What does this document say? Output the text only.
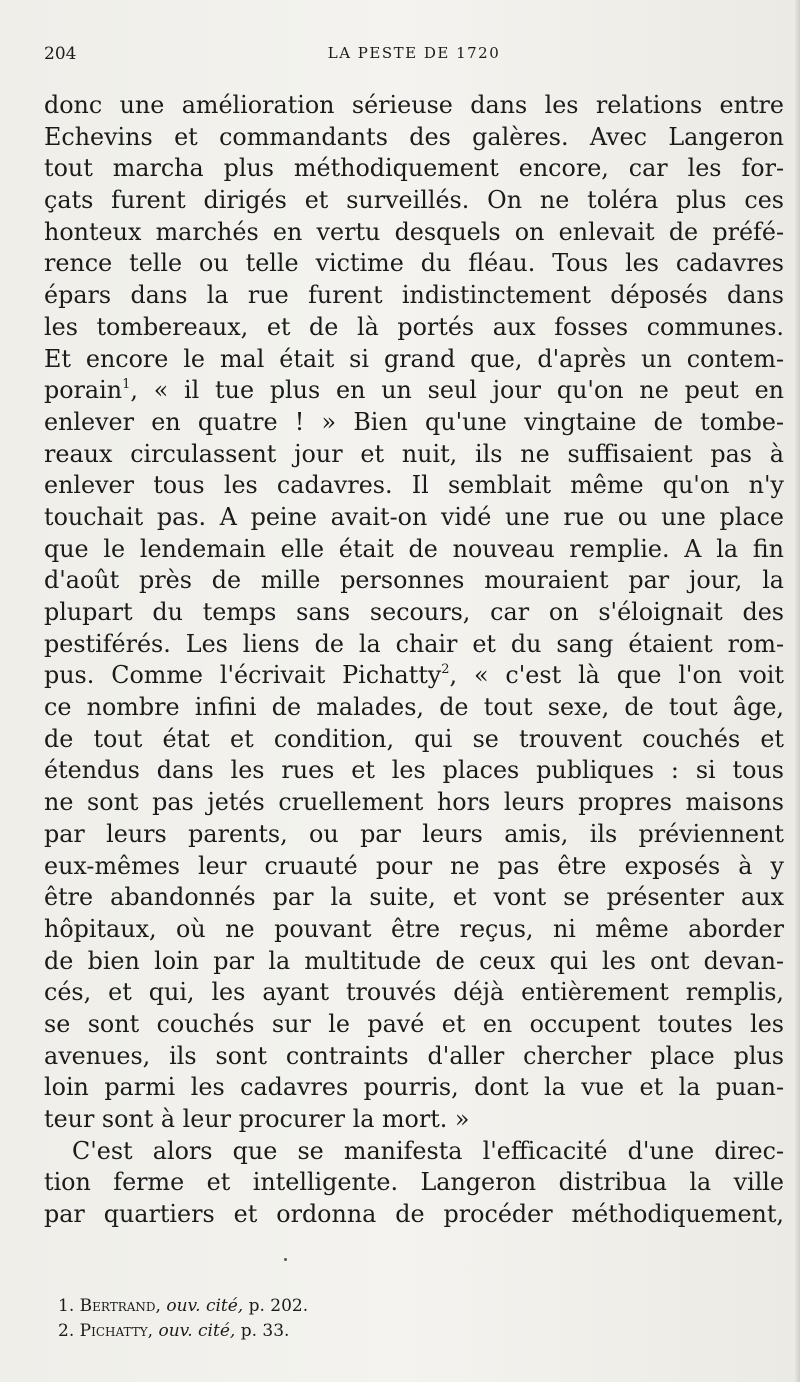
204	LA PESTE DE 1720
donc une amélioration sérieuse dans les relations entre
Echevins et commandants des galères. Avec Langeron
tout marcha plus méthodiquement encore, car les for-
çats furent dirigés et surveillés. On ne toléra plus ces
honteux marchés en vertu desquels on enlevait de préfé-
rence telle ou telle victime du fléau. Tous les cadavres
épars dans la rue furent indistinctement déposés dans
les tombereaux, et de là portés aux fosses communes.
Et encore le mal était si grand que, d'après un contem-
porain$^1$, « il tue plus en un seul jour qu'on ne peut en
enlever en quatre ! » Bien qu'une vingtaine de tombe-
reaux circulassent jour et nuit, ils ne suffisaient pas à
enlever tous les cadavres. Il semblait même qu'on n'y
touchait pas. A peine avait-on vidé une rue ou une place
que le lendemain elle était de nouveau remplie. A la fin
d'août près de mille personnes mouraient par jour, la
plupart du temps sans secours, car on s'éloignait des
pestiférés. Les liens de la chair et du sang étaient rom-
pus. Comme l'écrivait Pichatty$^2$, « c'est là que l'on voit
ce nombre infini de malades, de tout sexe, de tout âge,
de tout état et condition, qui se trouvent couchés et
étendus dans les rues et les places publiques : si tous
ne sont pas jetés cruellement hors leurs propres maisons
par leurs parents, ou par leurs amis, ils préviennent
eux-mêmes leur cruauté pour ne pas être exposés à y
être abandonnés par la suite, et vont se présenter aux
hôpitaux, où ne pouvant être reçus, ni même aborder
de bien loin par la multitude de ceux qui les ont devan-
cés, et qui, les ayant trouvés déjà entièrement remplis,
se sont couchés sur le pavé et en occupent toutes les
avenues, ils sont contraints d'aller chercher place plus
loin parmi les cadavres pourris, dont la vue et la puan-
teur sont à leur procurer la mort. »
C'est alors que se manifesta l'efficacité d'une direc-
tion ferme et intelligente. Langeron distribua la ville
par quartiers et ordonna de procéder méthodiquement,
1. Bertrand, ouv. cité, p. 202.
2. Pichatty, ouv. cité, p. 33.
